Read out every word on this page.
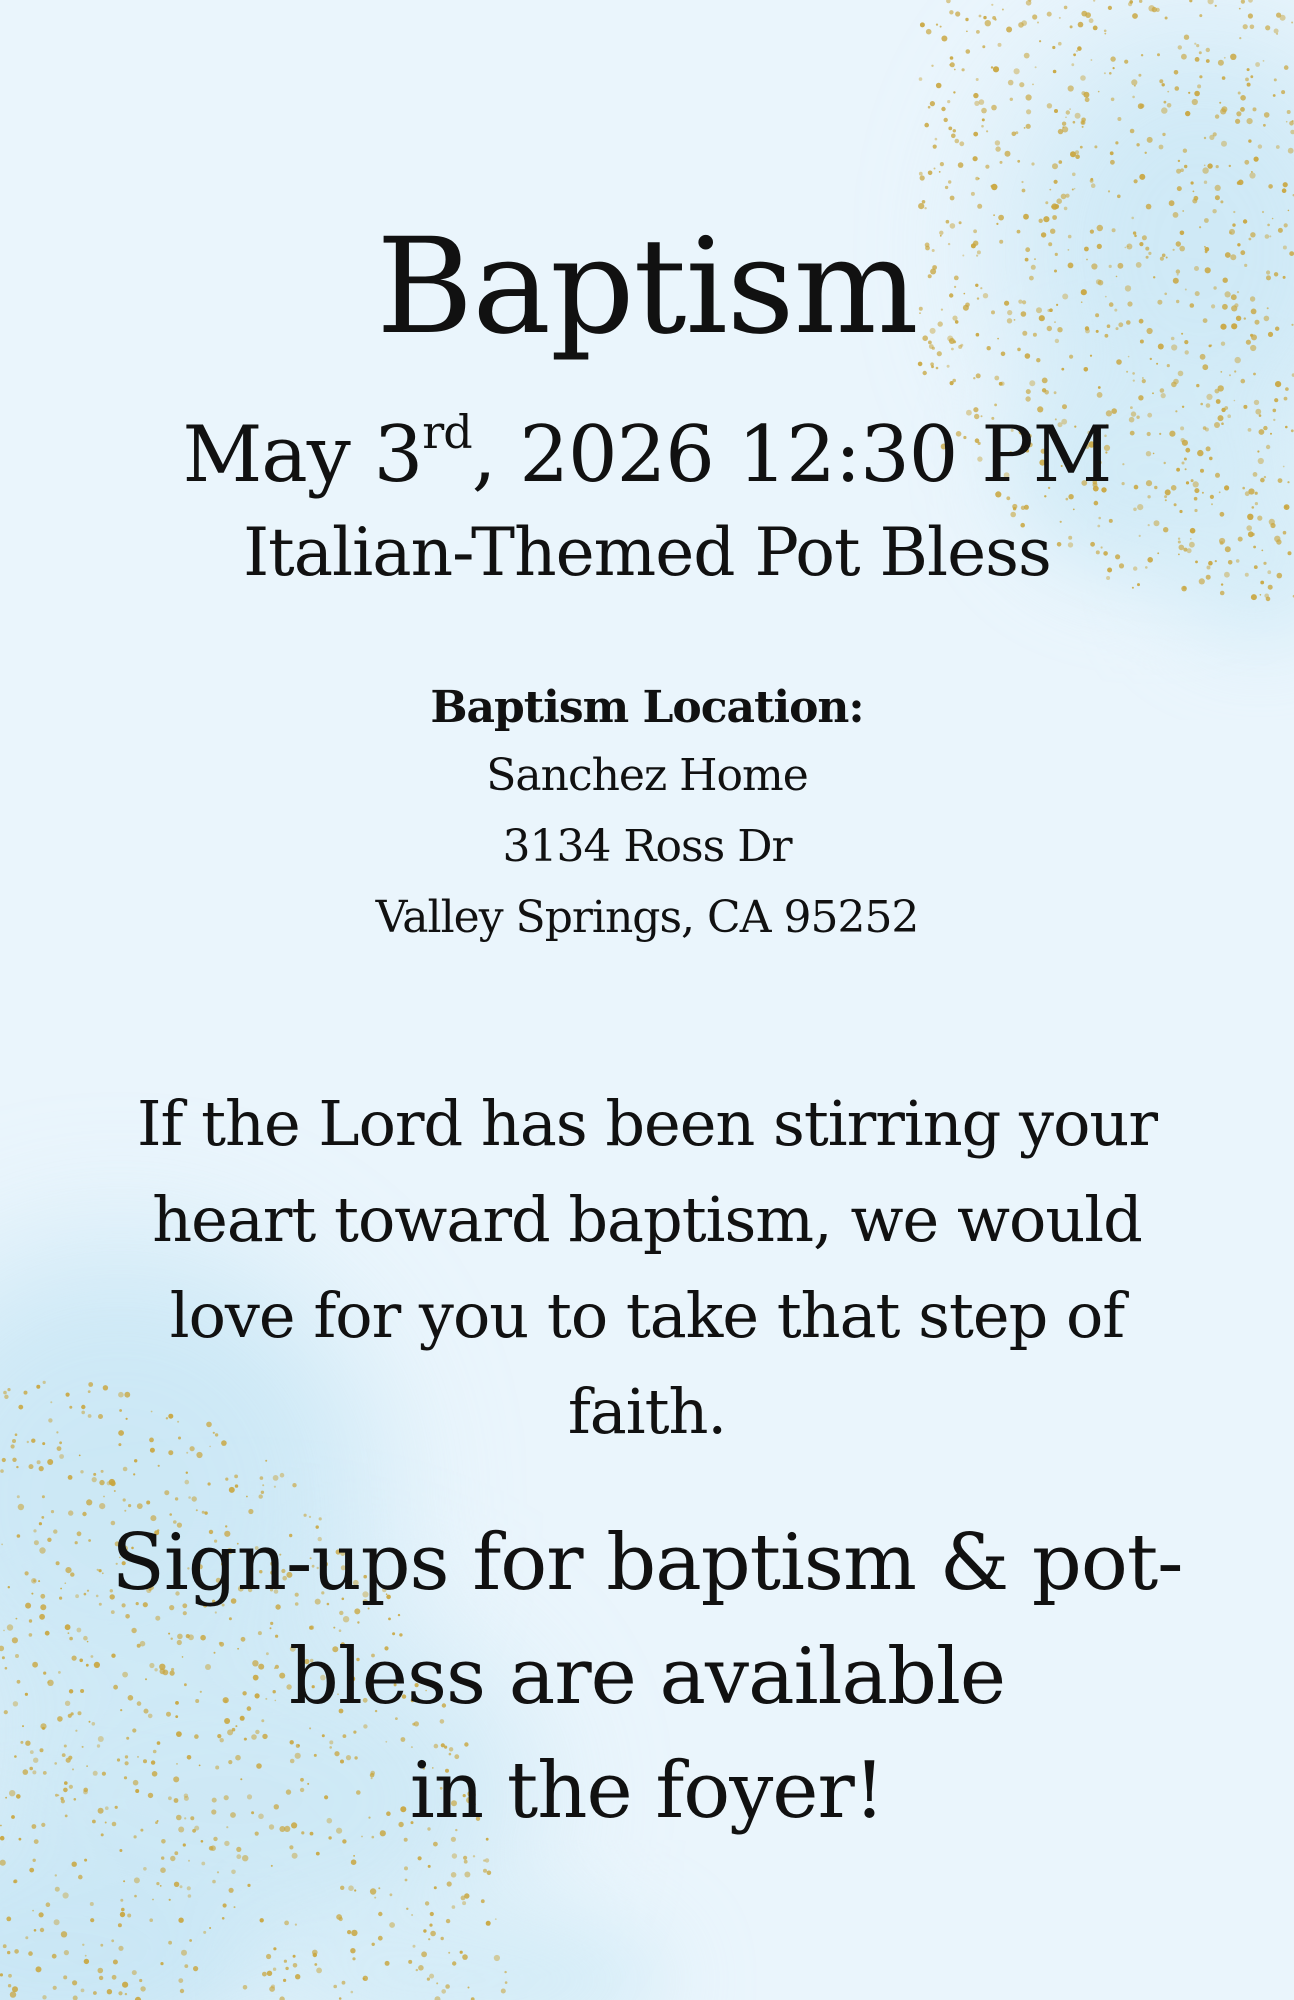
Baptism
May 3rd, 2026 12:30 PM
Italian-Themed Pot Bless
Baptism Location:
Sanchez Home
3134 Ross Dr
Valley Springs, CA 95252
If the Lord has been stirring your
heart toward baptism, we would
love for you to take that step of faith.
Sign-ups for baptism & pot-
bless are available
in the foyer!
